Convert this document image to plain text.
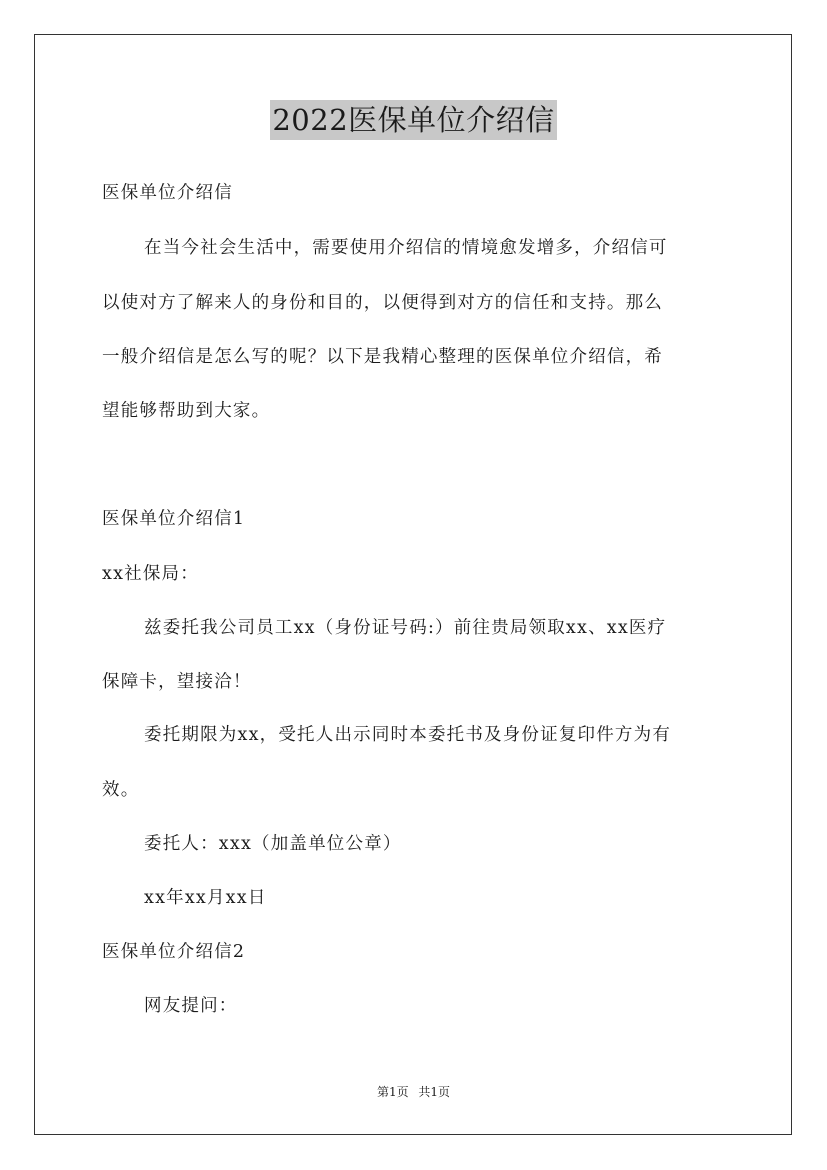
2022医保单位介绍信
医保单位介绍信
在当今社会生活中，需要使用介绍信的情境愈发增多，介绍信可
以使对方了解来人的身份和目的，以便得到对方的信任和支持。那么
一般介绍信是怎么写的呢？以下是我精心整理的医保单位介绍信，希
望能够帮助到大家。
医保单位介绍信1
xx社保局：
兹委托我公司员工xx（身份证号码:）前往贵局领取xx、xx医疗
保障卡，望接洽！
委托期限为xx，受托人出示同时本委托书及身份证复印件方为有
效。
委托人：xxx（加盖单位公章）
xx年xx月xx日
医保单位介绍信2
网友提问：
第1页 共1页
